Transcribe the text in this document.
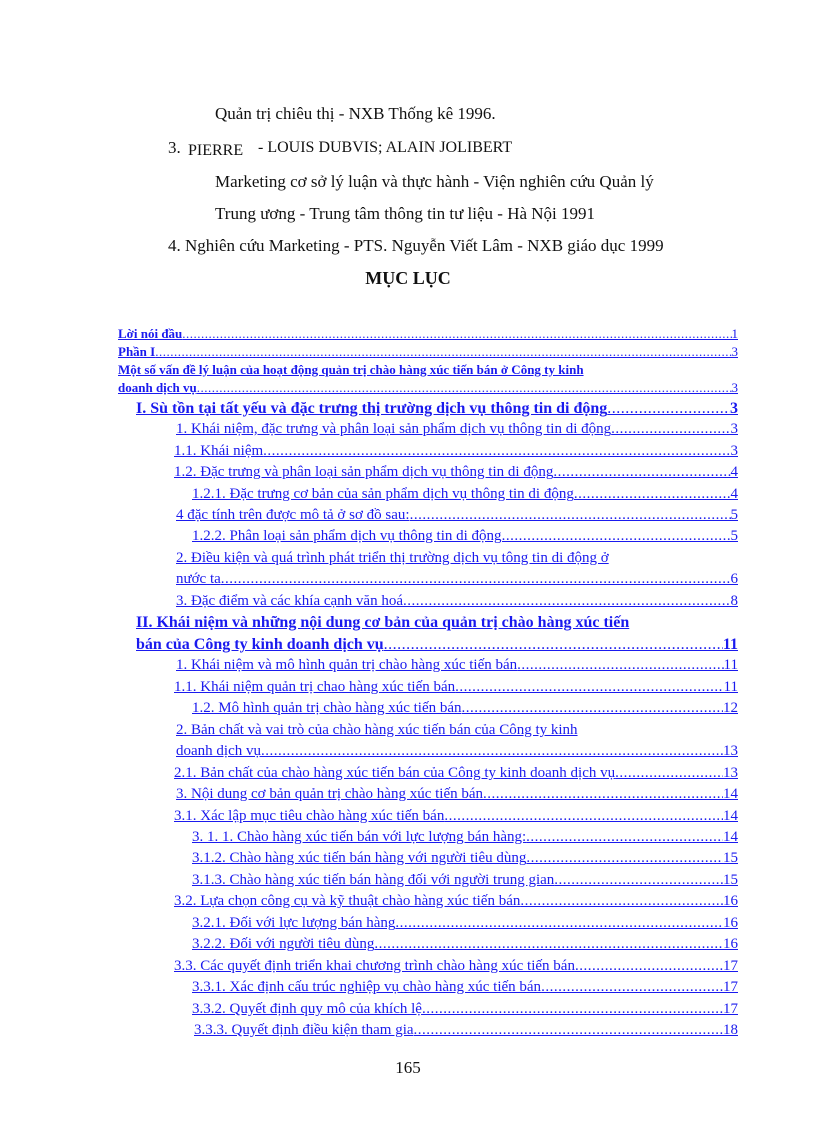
Quản trị chiêu thị - NXB Thống kê 1996.
3. PIERRE - LOUIS DUBVIS; ALAIN JOLIBERT
Marketing cơ sở lý luận và thực hành - Viện nghiên cứu Quản lý
Trung ương - Trung tâm thông tin tư liệu - Hà Nội 1991
4. Nghiên cứu Marketing - PTS. Nguyễn Viết Lâm - NXB giáo dục 1999
MỤC LỤC
Lời nói đầu .....	1
Phần I .....	3
Một số vấn đề lý luận của hoạt động quản trị chào hàng xúc tiến bán ở Công ty kinh
doanh dịch vụ .....	3
I. Sù tồn tại tất yếu và đặc trưng thị trường dịch vụ thông tin di động .....	3
1. Khái niệm, đặc trưng và phân loại sản phẩm dịch vụ thông tin di động .....	3
1.1. Khái niệm .....	3
1.2. Đặc trưng và phân loại sản phẩm dịch vụ thông tin di động .....	4
1.2.1. Đặc trưng cơ bản của sản phẩm dịch vụ thông tin di động .....	4
4 đặc tính trên được mô tả ở sơ đồ sau: .....	5
1.2.2. Phân loại sản phẩm dịch vụ thông tin di động .....	5
2. Điều kiện và quá trình phát triển thị trường dịch vụ tông tin di động ở
nước ta .....	6
3. Đặc điểm và các khía cạnh văn hoá .....	8
II. Khái niệm và những nội dung cơ bản của quản trị chào hàng xúc tiến
bán của Công ty kinh doanh dịch vụ .....	11
1. Khái niệm và mô hình quản trị chào hàng xúc tiến bán .....	11
1.1. Khái niệm quản trị chao hàng xúc tiến bán .....	11
1.2. Mô hình quản trị chào hàng xúc tiến bán .....	12
2. Bản chất và vai trò của chào hàng xúc tiến bán của Công ty kinh
doanh dịch vụ .....	13
2.1. Bản chất của chào hàng xúc tiến bán của Công ty kinh doanh dịch vụ .....	13
3. Nội dung cơ bản quản trị chào hàng xúc tiến bán .....	14
3.1. Xác lập mục tiêu chào hàng xúc tiến bán .....	14
3. 1. 1. Chào hàng xúc tiến bán với lực lượng bán hàng: .....	14
3.1.2. Chào hàng xúc tiến bán hàng với người tiêu dùng .....	15
3.1.3. Chào hàng xúc tiến bán hàng đối với người trung gian .....	15
3.2. Lựa chọn công cụ và kỹ thuật chào hàng xúc tiến bán .....	16
3.2.1. Đối với lực lượng bán hàng .....	16
3.2.2. Đối với người tiêu dùng .....	16
3.3. Các quyết định triển khai chương trình chào hàng xúc tiến bán .....	17
3.3.1. Xác định cấu trúc nghiệp vụ chào hàng xúc tiến bán .....	17
3.3.2. Quyết định quy mô của khích lệ .....	17
3.3.3. Quyết định điều kiện tham gia .....	18
165
